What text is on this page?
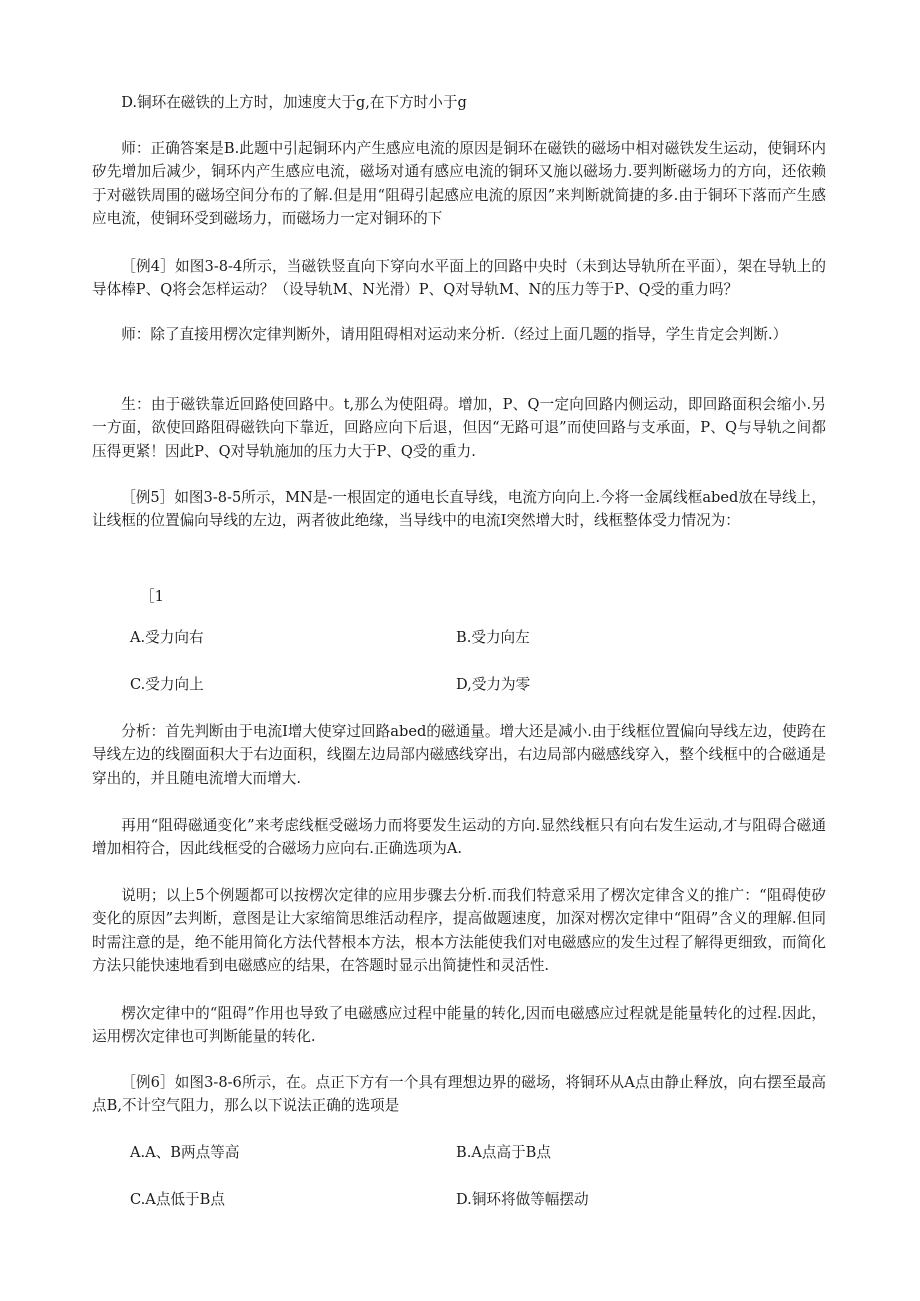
D.铜环在磁铁的上方时，加速度大于g,在下方时小于g

师：正确答案是B.此题中引起铜环内产生感应电流的原因是铜环在磁铁的磁场中相对磁铁发生运动，使铜环内矽先增加后减少，铜环内产生感应电流，磁场对通有感应电流的铜环又施以磁场力.要判断磁场力的方向，还依赖于对磁铁周围的磁场空间分布的了解.但是用“阻碍引起感应电流的原因”来判断就简捷的多.由于铜环下落而产生感应电流，使铜环受到磁场力，而磁场力一定对铜环的下

［例4］如图3-8-4所示，当磁铁竖直向下穿向水平面上的回路中央时（未到达导轨所在平面），架在导轨上的导体棒P、Q将会怎样运动？（设导轨M、N光滑）P、Q对导轨M、N的压力等于P、Q受的重力吗？

师：除了直接用楞次定律判断外，请用阻碍相对运动来分析.（经过上面几题的指导，学生肯定会判断.）

生：由于磁铁靠近回路使回路中。t,那么为使阻碍。增加，P、Q一定向回路内侧运动，即回路面积会缩小.另一方面，欲使回路阻碍磁铁向下靠近，回路应向下后退，但因“无路可退”而使回路与支承面，P、Q与导轨之间都压得更紧！因此P、Q对导轨施加的压力大于P、Q受的重力.

［例5］如图3-8-5所示，MN是-一根固定的通电长直导线，电流方向向上.今将一金属线框abed放在导线上，让线框的位置偏向导线的左边，两者彼此绝缘，当导线中的电流I突然增大时，线框整体受力情况为：

［1

A.受力向右	B.受力向左

C.受力向上	D,受力为零

分析：首先判断由于电流I增大使穿过回路abed的磁通量。增大还是减小.由于线框位置偏向导线左边，使跨在导线左边的线圈面积大于右边面积，线圈左边局部内磁感线穿出，右边局部内磁感线穿入，整个线框中的合磁通是穿出的，并且随电流增大而增大.

再用“阻碍磁通变化”来考虑线框受磁场力而将要发生运动的方向.显然线框只有向右发生运动,才与阻碍合磁通增加相符合，因此线框受的合磁场力应向右.正确选项为A.

说明；以上5个例题都可以按楞次定律的应用步骤去分析.而我们特意采用了楞次定律含义的推广：“阻碍使矽变化的原因”去判断，意图是让大家缩简思维活动程序，提高做题速度，加深对楞次定律中“阻碍”含义的理解.但同时需注意的是，绝不能用简化方法代替根本方法，根本方法能使我们对电磁感应的发生过程了解得更细致，而简化方法只能快速地看到电磁感应的结果，在答题时显示出简捷性和灵活性.

楞次定律中的“阻碍”作用也导致了电磁感应过程中能量的转化,因而电磁感应过程就是能量转化的过程.因此，运用楞次定律也可判断能量的转化.

［例6］如图3-8-6所示，在。点正下方有一个具有理想边界的磁场，将铜环从A点由静止释放，向右摆至最高点B,不计空气阻力，那么以下说法正确的选项是

A.A、B两点等高	B.A点高于B点

C.A点低于B点	D.铜环将做等幅摆动
